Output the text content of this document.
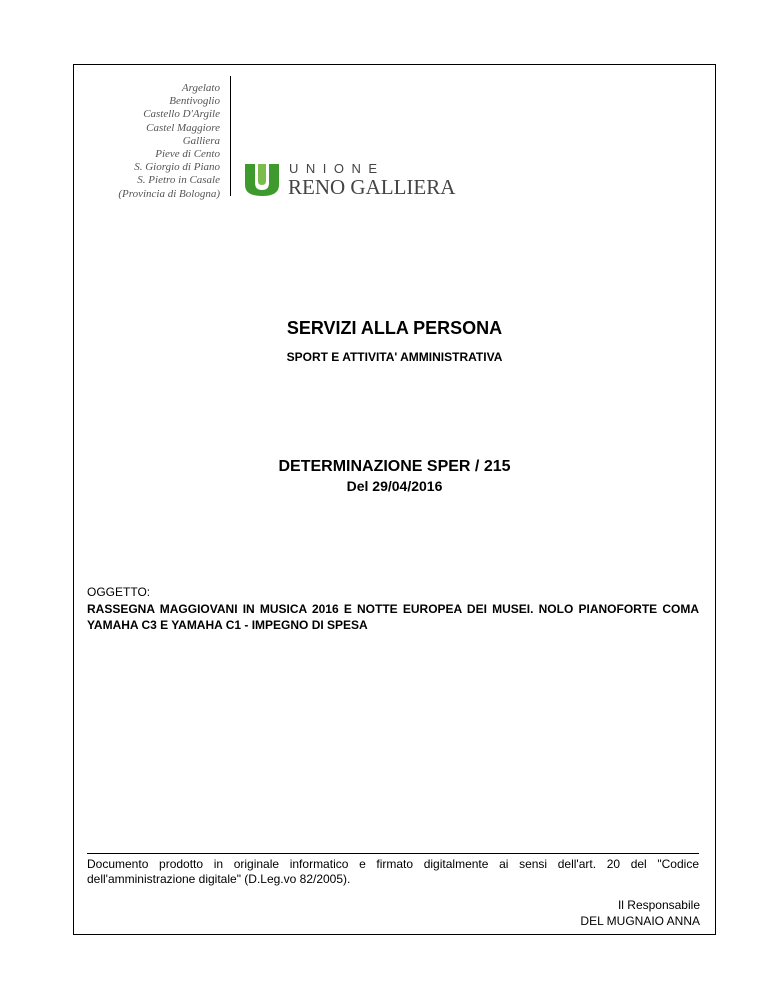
Argelato
Bentivoglio
Castello D'Argile
Castel Maggiore
Galliera
Pieve di Cento
S. Giorgio di Piano
S. Pietro in Casale
(Provincia di Bologna)
UNIONE
RENO GALLIERA
SERVIZI ALLA PERSONA
SPORT E ATTIVITA' AMMINISTRATIVA
DETERMINAZIONE SPER / 215
Del 29/04/2016
OGGETTO:
RASSEGNA MAGGIOVANI IN MUSICA 2016 E NOTTE EUROPEA DEI MUSEI. NOLO PIANOFORTE COMA YAMAHA C3 E YAMAHA C1 - IMPEGNO DI SPESA
Documento prodotto in originale informatico e firmato digitalmente ai sensi dell'art. 20 del "Codice dell'amministrazione digitale" (D.Leg.vo 82/2005).
Il Responsabile
DEL MUGNAIO ANNA
